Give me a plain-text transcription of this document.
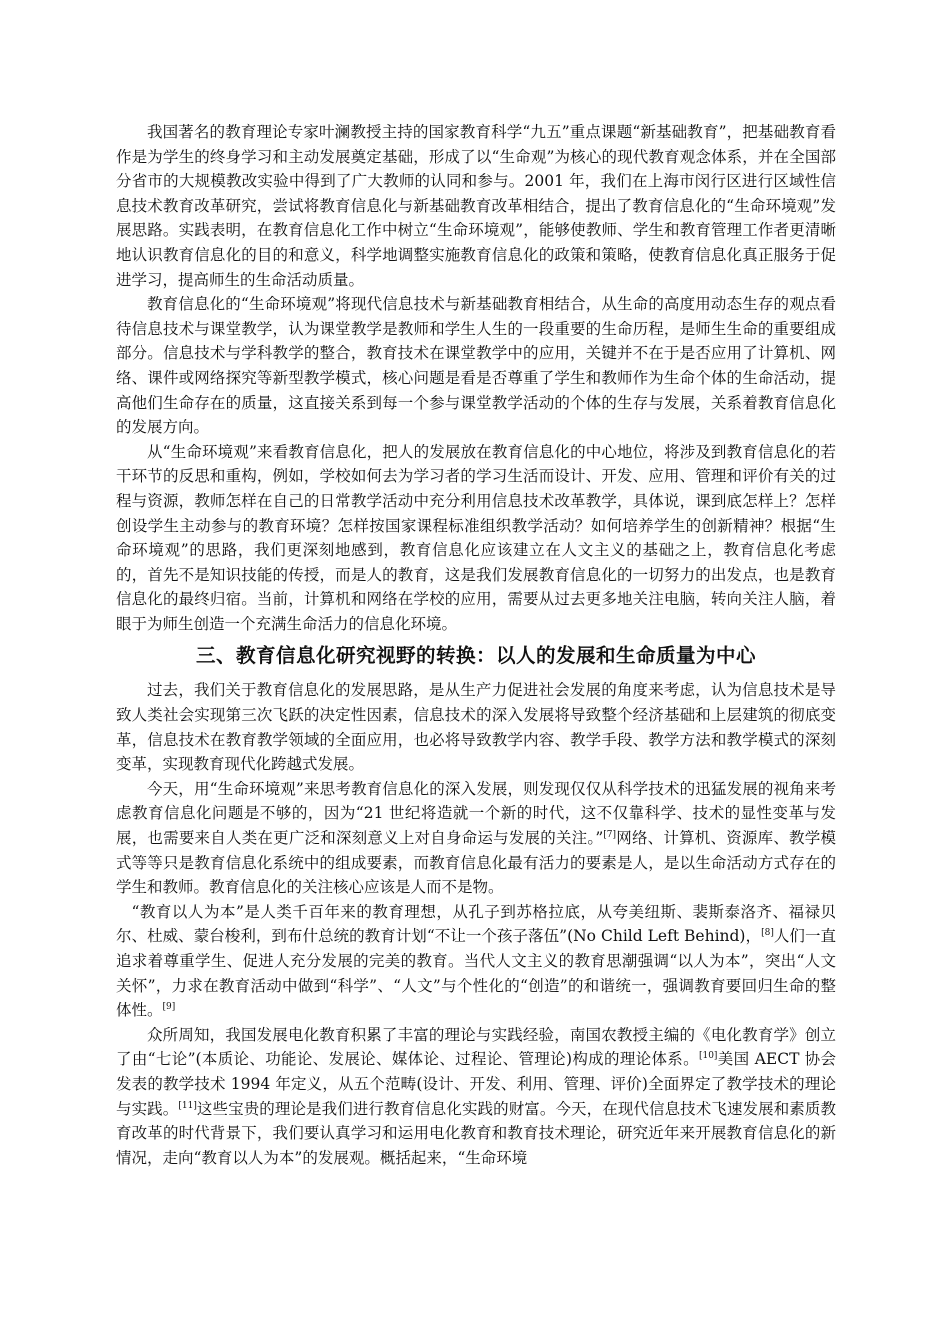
我国著名的教育理论专家叶澜教授主持的国家教育科学“九五”重点课题“新基础教育”，把基础教育看作是为学生的终身学习和主动发展奠定基础，形成了以“生命观”为核心的现代教育观念体系，并在全国部分省市的大规模教改实验中得到了广大教师的认同和参与。2001 年，我们在上海市闵行区进行区域性信息技术教育改革研究，尝试将教育信息化与新基础教育改革相结合，提出了教育信息化的“生命环境观”发展思路。实践表明，在教育信息化工作中树立“生命环境观”，能够使教师、学生和教育管理工作者更清晰地认识教育信息化的目的和意义，科学地调整实施教育信息化的政策和策略，使教育信息化真正服务于促进学习，提高师生的生命活动质量。

教育信息化的“生命环境观”将现代信息技术与新基础教育相结合，从生命的高度用动态生存的观点看待信息技术与课堂教学，认为课堂教学是教师和学生人生的一段重要的生命历程，是师生生命的重要组成部分。信息技术与学科教学的整合，教育技术在课堂教学中的应用，关键并不在于是否应用了计算机、网络、课件或网络探究等新型教学模式，核心问题是看是否尊重了学生和教师作为生命个体的生命活动，提高他们生命存在的质量，这直接关系到每一个参与课堂教学活动的个体的生存与发展，关系着教育信息化的发展方向。

从“生命环境观”来看教育信息化，把人的发展放在教育信息化的中心地位，将涉及到教育信息化的若干环节的反思和重构，例如，学校如何去为学习者的学习生活而设计、开发、应用、管理和评价有关的过程与资源，教师怎样在自己的日常教学活动中充分利用信息技术改革教学，具体说，课到底怎样上？怎样创设学生主动参与的教育环境？怎样按国家课程标准组织教学活动？如何培养学生的创新精神？根据“生命环境观”的思路，我们更深刻地感到，教育信息化应该建立在人文主义的基础之上，教育信息化考虑的，首先不是知识技能的传授，而是人的教育，这是我们发展教育信息化的一切努力的出发点，也是教育信息化的最终归宿。当前，计算机和网络在学校的应用，需要从过去更多地关注电脑，转向关注人脑，着眼于为师生创造一个充满生命活力的信息化环境。

三、教育信息化研究视野的转换：以人的发展和生命质量为中心

过去，我们关于教育信息化的发展思路，是从生产力促进社会发展的角度来考虑，认为信息技术是导致人类社会实现第三次飞跃的决定性因素，信息技术的深入发展将导致整个经济基础和上层建筑的彻底变革，信息技术在教育教学领域的全面应用，也必将导致教学内容、教学手段、教学方法和教学模式的深刻变革，实现教育现代化跨越式发展。

今天，用“生命环境观”来思考教育信息化的深入发展，则发现仅仅从科学技术的迅猛发展的视角来考虑教育信息化问题是不够的，因为“21 世纪将造就一个新的时代，这不仅靠科学、技术的显性变革与发展，也需要来自人类在更广泛和深刻意义上对自身命运与发展的关注。”[7]网络、计算机、资源库、教学模式等等只是教育信息化系统中的组成要素，而教育信息化最有活力的要素是人，是以生命活动方式存在的学生和教师。教育信息化的关注核心应该是人而不是物。

“教育以人为本”是人类千百年来的教育理想，从孔子到苏格拉底，从夸美纽斯、裴斯泰洛齐、福禄贝尔、杜威、蒙台梭利，到布什总统的教育计划“不让一个孩子落伍”(No Child Left Behind)，[8]人们一直追求着尊重学生、促进人充分发展的完美的教育。当代人文主义的教育思潮强调“以人为本”，突出“人文关怀”，力求在教育活动中做到“科学”、“人文”与个性化的“创造”的和谐统一，强调教育要回归生命的整体性。[9]

众所周知，我国发展电化教育积累了丰富的理论与实践经验，南国农教授主编的《电化教育学》创立了由“七论”(本质论、功能论、发展论、媒体论、过程论、管理论)构成的理论体系。[10]美国 AECT 协会发表的教学技术 1994 年定义，从五个范畴(设计、开发、利用、管理、评价)全面界定了教学技术的理论与实践。[11]这些宝贵的理论是我们进行教育信息化实践的财富。今天，在现代信息技术飞速发展和素质教育改革的时代背景下，我们要认真学习和运用电化教育和教育技术理论，研究近年来开展教育信息化的新情况，走向“教育以人为本”的发展观。概括起来，“生命环境
